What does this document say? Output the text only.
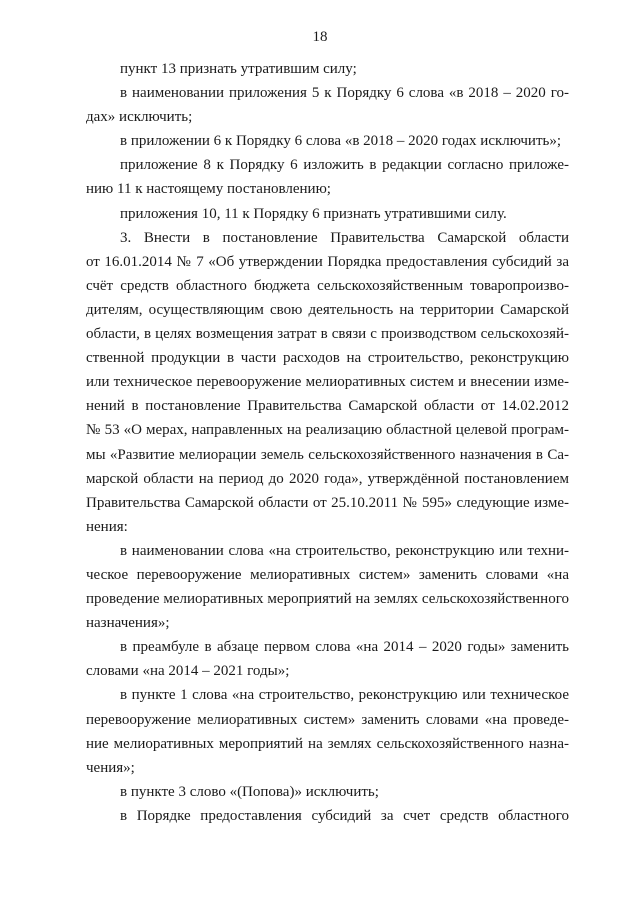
18
пункт 13 признать утратившим силу;
в наименовании приложения 5 к Порядку 6 слова «в 2018 – 2020 го-
дах» исключить;
в приложении 6 к Порядку 6 слова «в 2018 – 2020 годах исключить»;
приложение 8 к Порядку 6 изложить в редакции согласно приложе-
нию 11 к настоящему постановлению;
приложения 10, 11 к Порядку 6 признать утратившими силу.
3. Внести в постановление Правительства Самарской области
от 16.01.2014 № 7 «Об утверждении Порядка предоставления субсидий за
счёт средств областного бюджета сельскохозяйственным товаропроизво-
дителям, осуществляющим свою деятельность на территории Самарской
области, в целях возмещения затрат в связи с производством сельскохозяй-
ственной продукции в части расходов на строительство, реконструкцию
или техническое перевооружение мелиоративных систем и внесении изме-
нений в постановление Правительства Самарской области от 14.02.2012
№ 53 «О мерах, направленных на реализацию областной целевой програм-
мы «Развитие мелиорации земель сельскохозяйственного назначения в Са-
марской области на период до 2020 года», утверждённой постановлением
Правительства Самарской области от 25.10.2011 № 595» следующие изме-
нения:
в наименовании слова «на строительство, реконструкцию или техни-
ческое перевооружение мелиоративных систем» заменить словами «на
проведение мелиоративных мероприятий на землях сельскохозяйственного
назначения»;
в преамбуле в абзаце первом слова «на 2014 – 2020 годы» заменить
словами «на 2014 – 2021 годы»;
в пункте 1 слова «на строительство, реконструкцию или техническое
перевооружение мелиоративных систем» заменить словами «на проведе-
ние мелиоративных мероприятий на землях сельскохозяйственного назна-
чения»;
в пункте 3 слово «(Попова)» исключить;
в Порядке предоставления субсидий за счет средств областного
